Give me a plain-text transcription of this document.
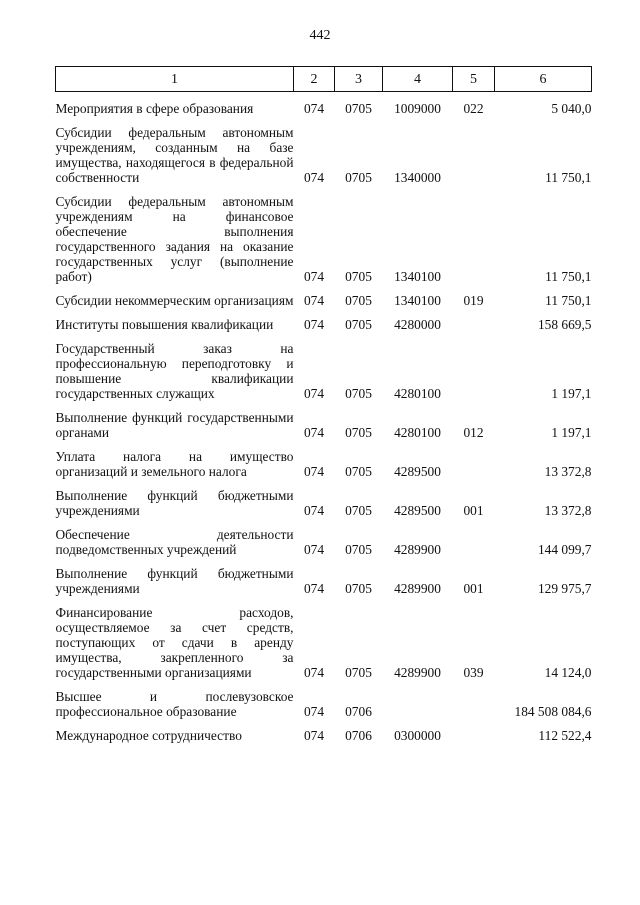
442
1	2	3	4	5	6

Мероприятия в сфере образования	074	0705	1009000	022	5 040,0
Субсидии федеральным автономным учреждениям, созданным на базе имущества, находящегося в федеральной собственности	074	0705	1340000		11 750,1
Субсидии федеральным автономным учреждениям на финансовое обеспечение выполнения государственного задания на оказание государственных услуг (выполнение работ)	074	0705	1340100		11 750,1
Субсидии некоммерческим организациям	074	0705	1340100	019	11 750,1
Институты повышения квалификации	074	0705	4280000		158 669,5
Государственный заказ на профессиональную переподготовку и повышение квалификации государственных служащих	074	0705	4280100		1 197,1
Выполнение функций государственными органами	074	0705	4280100	012	1 197,1
Уплата налога на имущество организаций и земельного налога	074	0705	4289500		13 372,8
Выполнение функций бюджетными учреждениями	074	0705	4289500	001	13 372,8
Обеспечение деятельности подведомственных учреждений	074	0705	4289900		144 099,7
Выполнение функций бюджетными учреждениями	074	0705	4289900	001	129 975,7
Финансирование расходов, осуществляемое за счет средств, поступающих от сдачи в аренду имущества, закрепленного за государственными организациями	074	0705	4289900	039	14 124,0
Высшее и послевузовское профессиональное образование	074	0706			184 508 084,6
Международное сотрудничество	074	0706	0300000		112 522,4
